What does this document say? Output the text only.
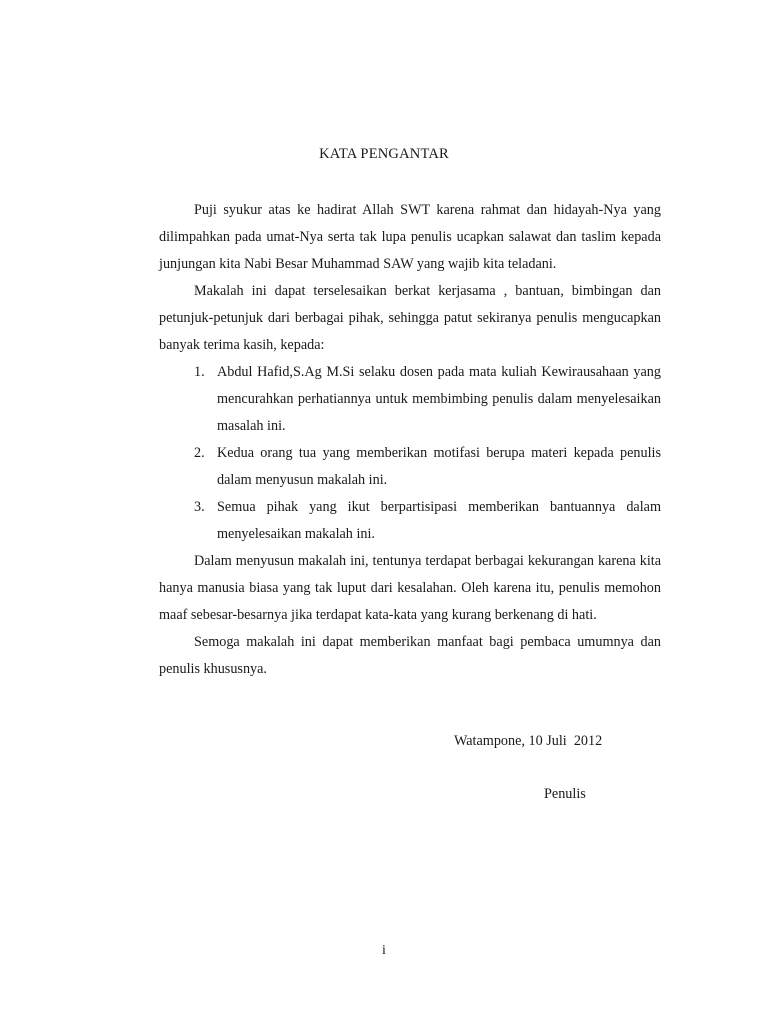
KATA PENGANTAR

Puji syukur atas ke hadirat Allah SWT karena rahmat dan hidayah-Nya yang dilimpahkan pada umat-Nya serta tak lupa penulis ucapkan salawat dan taslim kepada junjungan kita Nabi Besar Muhammad SAW yang wajib kita teladani.

Makalah ini dapat terselesaikan berkat kerjasama , bantuan, bimbingan dan petunjuk-petunjuk dari berbagai pihak, sehingga patut sekiranya penulis mengucapkan banyak terima kasih, kepada:

1. Abdul Hafid,S.Ag M.Si selaku dosen pada mata kuliah Kewirausahaan yang mencurahkan perhatiannya untuk membimbing penulis dalam menyelesaikan masalah ini.
2. Kedua orang tua yang memberikan motifasi berupa materi kepada penulis dalam menyusun makalah ini.
3. Semua pihak yang ikut berpartisipasi memberikan bantuannya dalam menyelesaikan makalah ini.

Dalam menyusun makalah ini, tentunya terdapat berbagai kekurangan karena kita hanya manusia biasa yang tak luput dari kesalahan. Oleh karena itu, penulis memohon maaf sebesar-besarnya jika terdapat kata-kata yang kurang berkenang di hati.

Semoga makalah ini dapat memberikan manfaat bagi pembaca umumnya dan penulis khususnya.

Watampone, 10 Juli  2012
Penulis
i
